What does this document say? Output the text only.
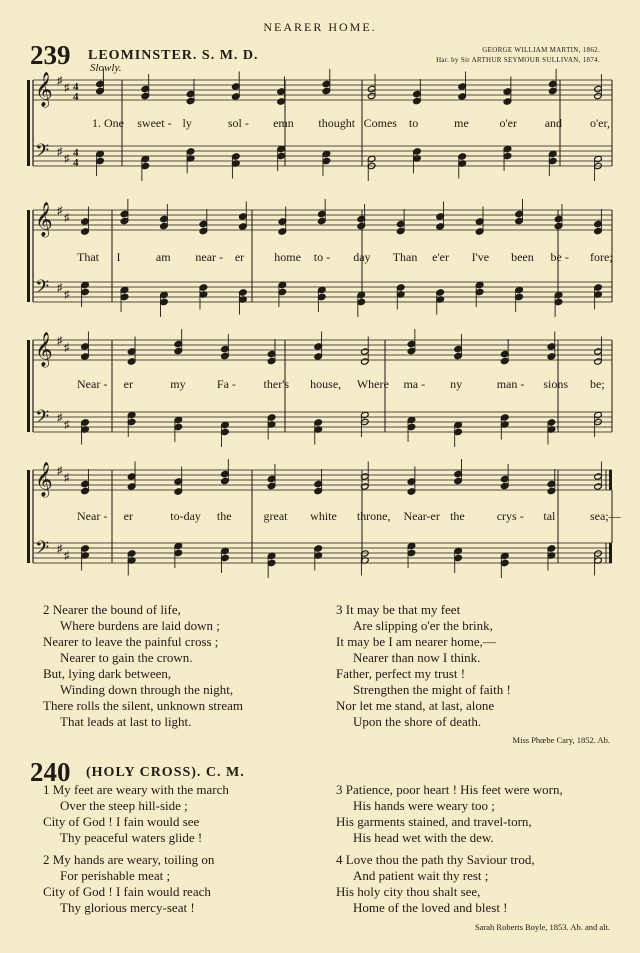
NEARER HOME.
239 LEOMINSTER. S. M. D.	GEORGE WILLIAM MARTIN, 1862.
Har. by Sir ARTHUR SEYMOUR SULLIVAN, 1874.
Slowly.
𝄞 ♯
♯ 4
4
𝄢 ♯
♯ 4
4
𝄞 ♯
♯
𝄢 ♯
♯
𝄞 ♯
♯
𝄢 ♯
♯
𝄞 ♯
♯
𝄢 ♯
♯
1. One sweet - ly	sol - emn thought Comes to	me	o'er and o'er,
That I	am near - er	home to - day Than e'er I've been be - fore;
Near - er	my	Fa - ther's house, Where ma - ny	man - sions be;
Near - er	to-day the	great white throne, Near-er the	crys - tal	sea;—
2 Nearer the bound of life,
Where burdens are laid down ;
Nearer to leave the painful cross ;
Nearer to gain the crown.
But, lying dark between,
Winding down through the night,
There rolls the silent, unknown stream
That leads at last to light.
3 It may be that my feet
Are slipping o'er the brink,
It may be I am nearer home,—
Nearer than now I think.
Father, perfect my trust !
Strengthen the might of faith !
Nor let me stand, at last, alone
Upon the shore of death.
Miss Phœbe Cary, 1852. Ab.
240 (HOLY CROSS). C. M.
1 My feet are weary with the march
Over the steep hill-side ;
City of God ! I fain would see
Thy peaceful waters glide !
3 Patience, poor heart ! His feet were worn,
His hands were weary too ;
His garments stained, and travel-torn,
His head wet with the dew.
2 My hands are weary, toiling on
For perishable meat ;
City of God ! I fain would reach
Thy glorious mercy-seat !
4 Love thou the path thy Saviour trod,
And patient wait thy rest ;
His holy city thou shalt see,
Home of the loved and blest !
Sarah Roberts Boyle, 1853. Ab. and alt.
